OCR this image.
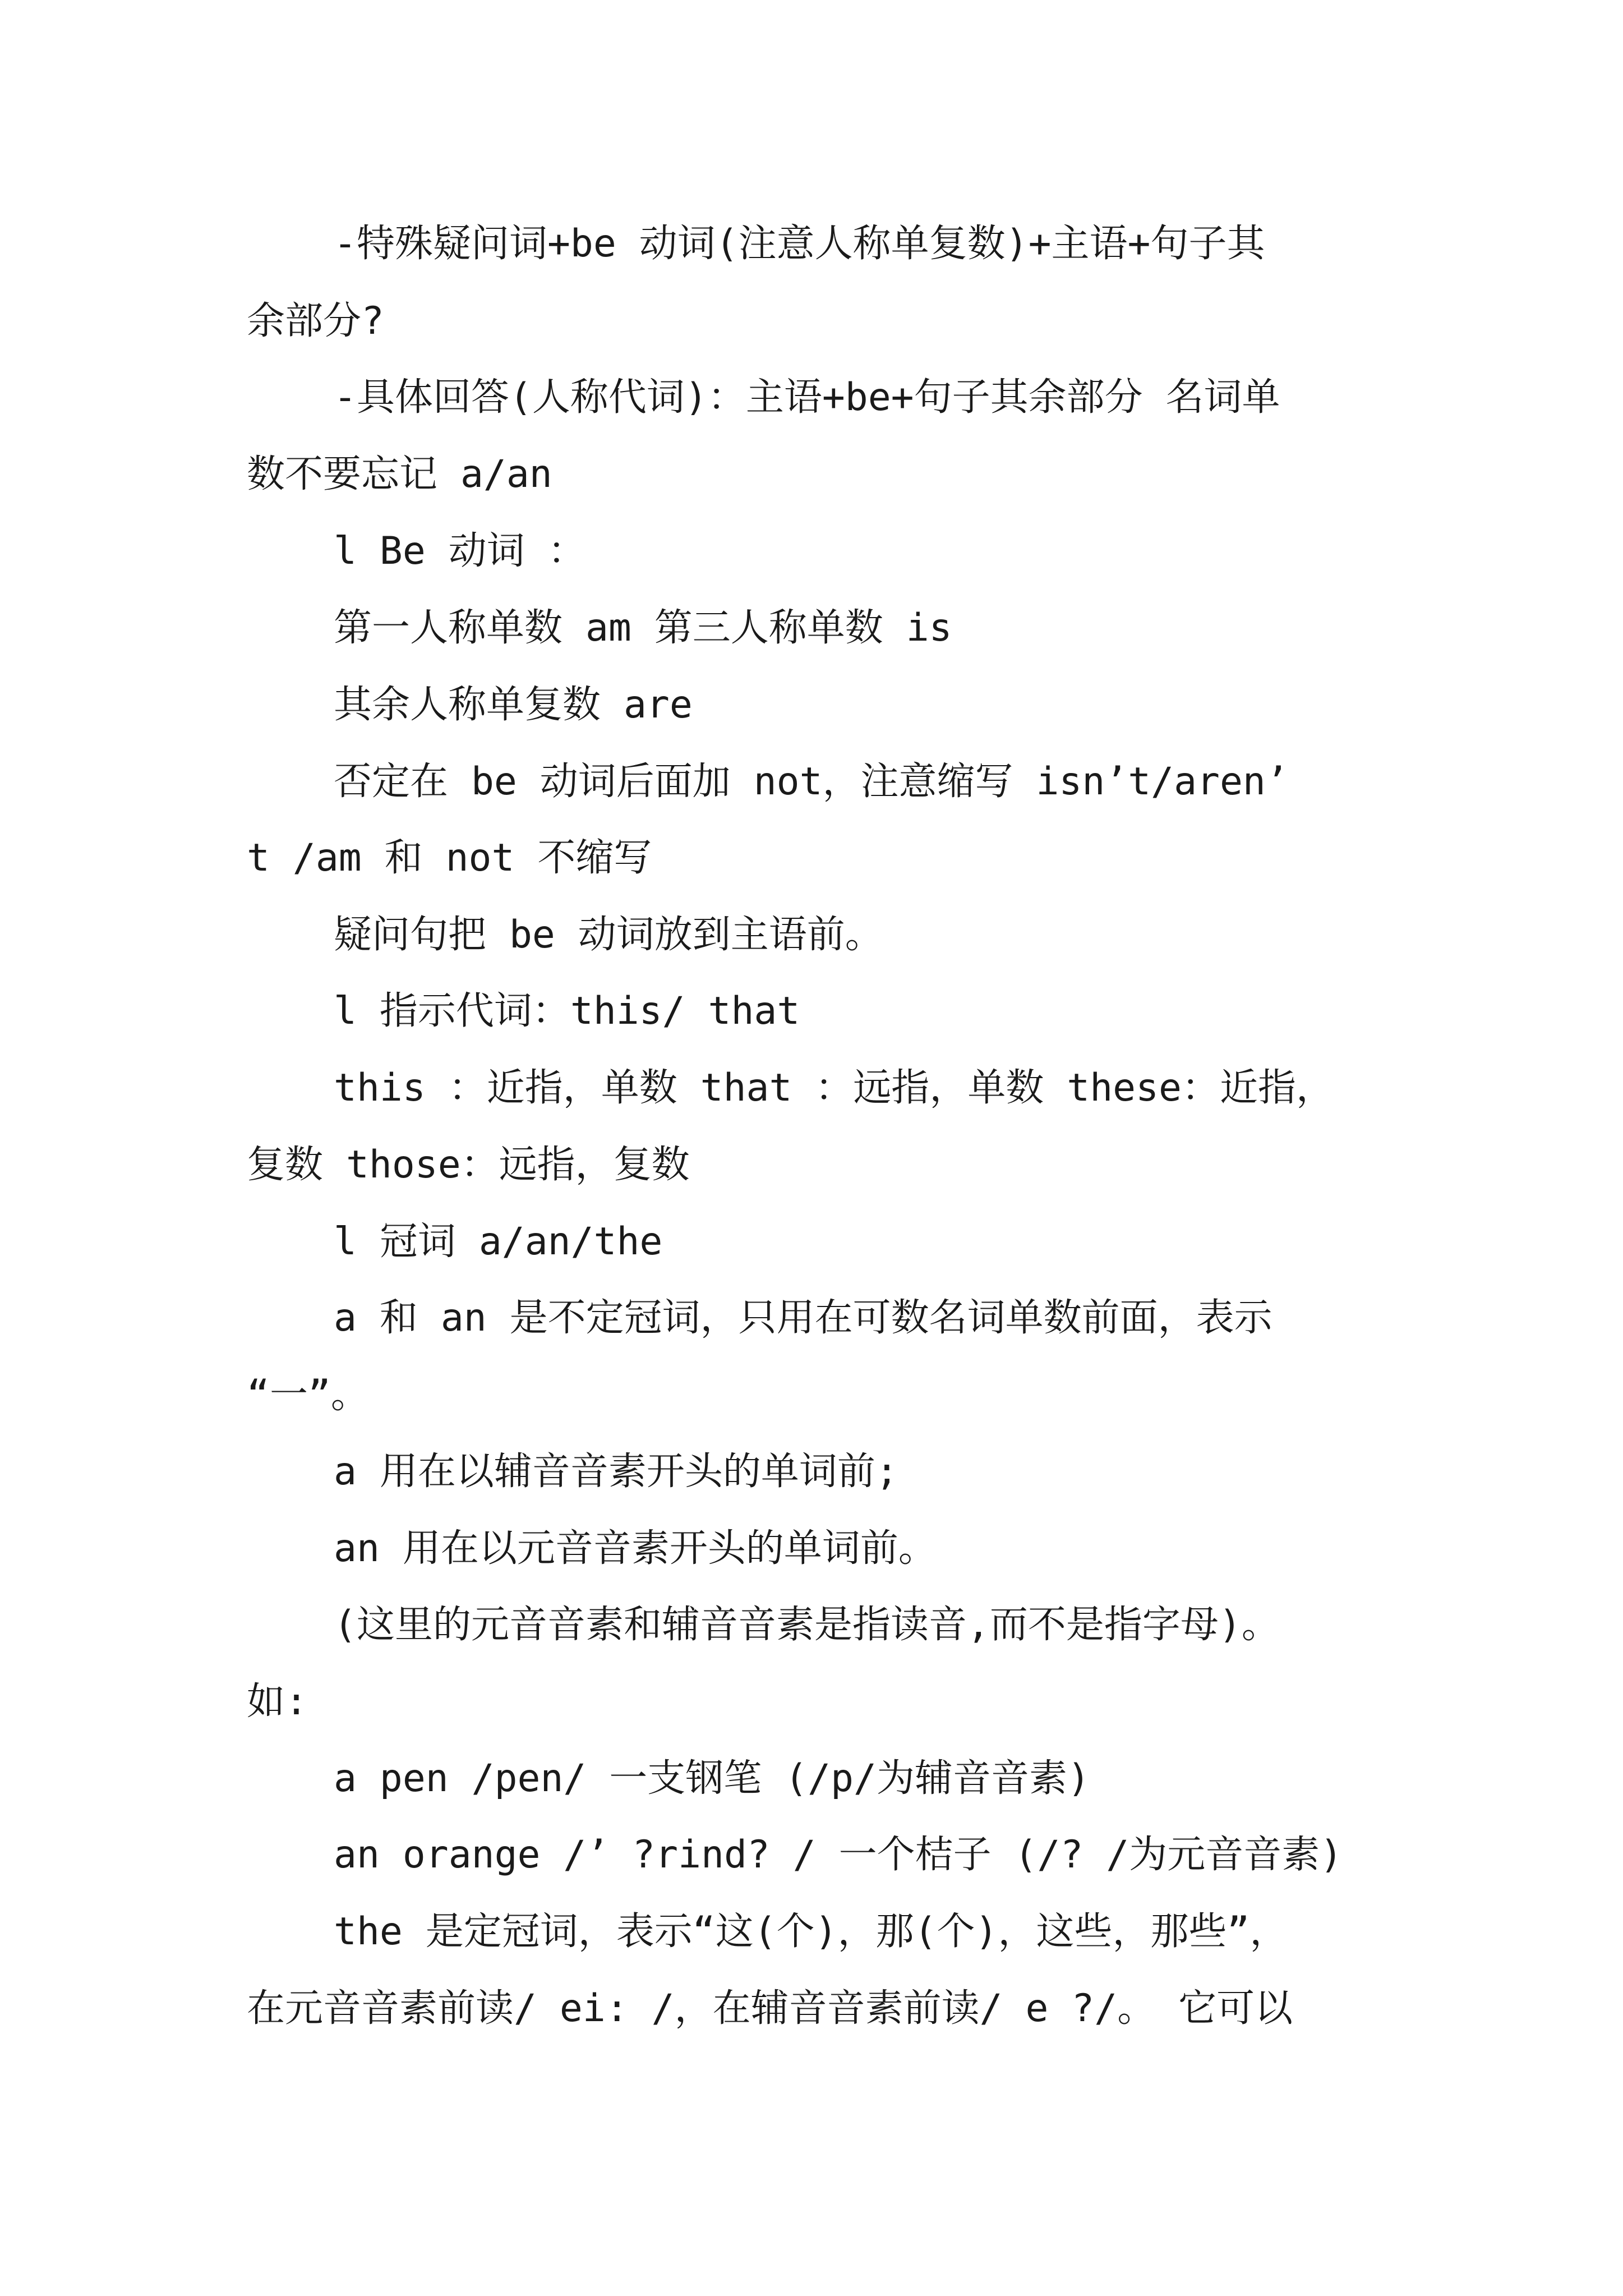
-特殊疑问词+be 动词(注意人称单复数)+主语+句子其
余部分?
-具体回答(人称代词)：主语+be+句子其余部分 名词单
数不要忘记 a/an
l Be 动词 ：
第一人称单数 am 第三人称单数 is
其余人称单复数 are
否定在 be 动词后面加 not，注意缩写 isn’t/aren’
t /am 和 not 不缩写
疑问句把 be 动词放到主语前。
l 指示代词：this/ that
this ：近指，单数 that ：远指，单数 these：近指，
复数 those：远指，复数
l 冠词 a/an/the
a 和 an 是不定冠词，只用在可数名词单数前面，表示
“一”。
a 用在以辅音音素开头的单词前;
an 用在以元音音素开头的单词前。
(这里的元音音素和辅音音素是指读音,而不是指字母)。
如:
a pen /pen/ 一支钢笔 (/p/为辅音音素)
an orange /’ ?rind? / 一个桔子 (/? /为元音音素)
the 是定冠词，表示“这(个)，那(个)，这些，那些”，
在元音音素前读/ ei: /，在辅音音素前读/ e ?/。 它可以
